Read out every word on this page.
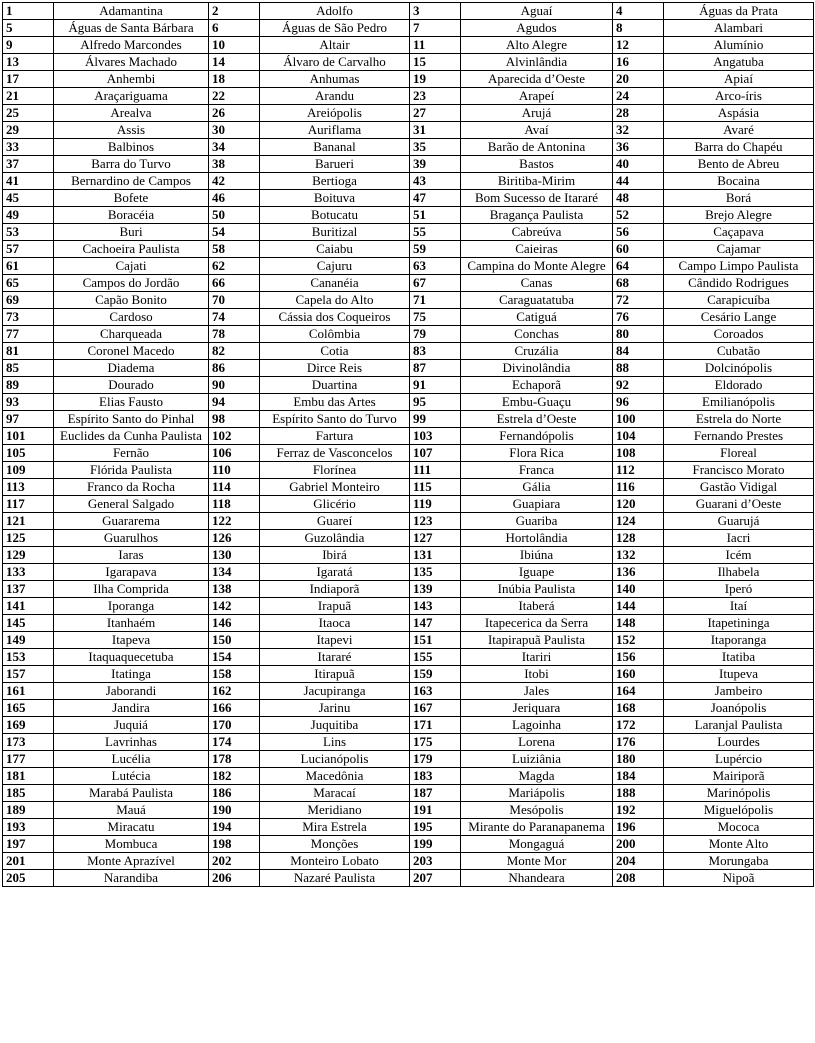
1	Adamantina	2	Adolfo	3	Aguaí	4	Águas da Prata
5	Águas de Santa Bárbara	6	Águas de São Pedro	7	Agudos	8	Alambari
9	Alfredo Marcondes	10	Altair	11	Alto Alegre	12	Alumínio
13	Álvares Machado	14	Álvaro de Carvalho	15	Alvinlândia	16	Angatuba
17	Anhembi	18	Anhumas	19	Aparecida d’Oeste	20	Apiaí
21	Araçariguama	22	Arandu	23	Arapeí	24	Arco-íris
25	Arealva	26	Areiópolis	27	Arujá	28	Aspásia
29	Assis	30	Auriflama	31	Avaí	32	Avaré
33	Balbinos	34	Bananal	35	Barão de Antonina	36	Barra do Chapéu
37	Barra do Turvo	38	Barueri	39	Bastos	40	Bento de Abreu
41	Bernardino de Campos	42	Bertioga	43	Biritiba-Mirim	44	Bocaina
45	Bofete	46	Boituva	47	Bom Sucesso de Itararé	48	Borá
49	Boracéia	50	Botucatu	51	Bragança Paulista	52	Brejo Alegre
53	Buri	54	Buritizal	55	Cabreúva	56	Caçapava
57	Cachoeira Paulista	58	Caiabu	59	Caieiras	60	Cajamar
61	Cajati	62	Cajuru	63	Campina do Monte Alegre	64	Campo Limpo Paulista
65	Campos do Jordão	66	Cananéia	67	Canas	68	Cândido Rodrigues
69	Capão Bonito	70	Capela do Alto	71	Caraguatatuba	72	Carapicuíba
73	Cardoso	74	Cássia dos Coqueiros	75	Catiguá	76	Cesário Lange
77	Charqueada	78	Colômbia	79	Conchas	80	Coroados
81	Coronel Macedo	82	Cotia	83	Cruzália	84	Cubatão
85	Diadema	86	Dirce Reis	87	Divinolândia	88	Dolcinópolis
89	Dourado	90	Duartina	91	Echaporã	92	Eldorado
93	Elias Fausto	94	Embu das Artes	95	Embu-Guaçu	96	Emilianópolis
97	Espírito Santo do Pinhal	98	Espírito Santo do Turvo	99	Estrela d’Oeste	100	Estrela do Norte
101	Euclides da Cunha Paulista	102	Fartura	103	Fernandópolis	104	Fernando Prestes
105	Fernão	106	Ferraz de Vasconcelos	107	Flora Rica	108	Floreal
109	Flórida Paulista	110	Florínea	111	Franca	112	Francisco Morato
113	Franco da Rocha	114	Gabriel Monteiro	115	Gália	116	Gastão Vidigal
117	General Salgado	118	Glicério	119	Guapiara	120	Guarani d’Oeste
121	Guararema	122	Guareí	123	Guariba	124	Guarujá
125	Guarulhos	126	Guzolândia	127	Hortolândia	128	Iacri
129	Iaras	130	Ibirá	131	Ibiúna	132	Icém
133	Igarapava	134	Igaratá	135	Iguape	136	Ilhabela
137	Ilha Comprida	138	Indiaporã	139	Inúbia Paulista	140	Iperó
141	Iporanga	142	Irapuã	143	Itaberá	144	Itaí
145	Itanhaém	146	Itaoca	147	Itapecerica da Serra	148	Itapetininga
149	Itapeva	150	Itapevi	151	Itapirapuã Paulista	152	Itaporanga
153	Itaquaquecetuba	154	Itararé	155	Itariri	156	Itatiba
157	Itatinga	158	Itirapuã	159	Itobi	160	Itupeva
161	Jaborandi	162	Jacupiranga	163	Jales	164	Jambeiro
165	Jandira	166	Jarinu	167	Jeriquara	168	Joanópolis
169	Juquiá	170	Juquitiba	171	Lagoinha	172	Laranjal Paulista
173	Lavrinhas	174	Lins	175	Lorena	176	Lourdes
177	Lucélia	178	Lucianópolis	179	Luiziânia	180	Lupércio
181	Lutécia	182	Macedônia	183	Magda	184	Mairiporã
185	Marabá Paulista	186	Maracaí	187	Mariápolis	188	Marinópolis
189	Mauá	190	Meridiano	191	Mesópolis	192	Miguelópolis
193	Miracatu	194	Mira Estrela	195	Mirante do Paranapanema	196	Mococa
197	Mombuca	198	Monções	199	Mongaguá	200	Monte Alto
201	Monte Aprazível	202	Monteiro Lobato	203	Monte Mor	204	Morungaba
205	Narandiba	206	Nazaré Paulista	207	Nhandeara	208	Nipoã
